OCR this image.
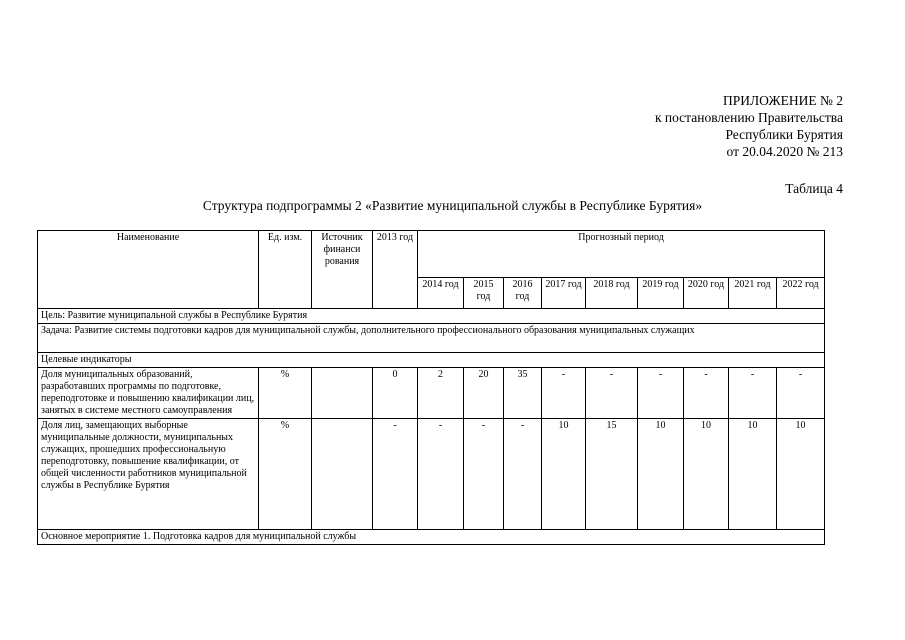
ПРИЛОЖЕНИЕ № 2
к постановлению Правительства
Республики Бурятия
от 20.04.2020 № 213
Таблица 4
Структура подпрограммы 2 «Развитие муниципальной службы в Республике Бурятия»
Наименование	Ед. изм.	Источник финанси рования	2013 год	Прогнозный период								
				2014 год	2015 год	2016 год	2017 год	2018 год	2019 год	2020 год	2021 год	2022 год
Цель: Развитие муниципальной службы в Республике Бурятия												
Задача: Развитие системы подготовки кадров для муниципальной службы, дополнительного профессионального образования муниципальных служащих												
Целевые индикаторы												
Доля муниципальных образований, разработавших программы по подготовке, переподготовке и повышению квалификации лиц, занятых в системе местного самоуправления	%		0	2	20	35	-	-	-	-	-	-
Доля лиц, замещающих выборные муниципальные должности, муниципальных служащих, прошедших профессиональную переподготовку, повышение квалификации, от общей численности работников муниципальной службы в Республике Бурятия	%		-	-	-	-	10	15	10	10	10	10
Основное мероприятие 1. Подготовка кадров для муниципальной службы												
